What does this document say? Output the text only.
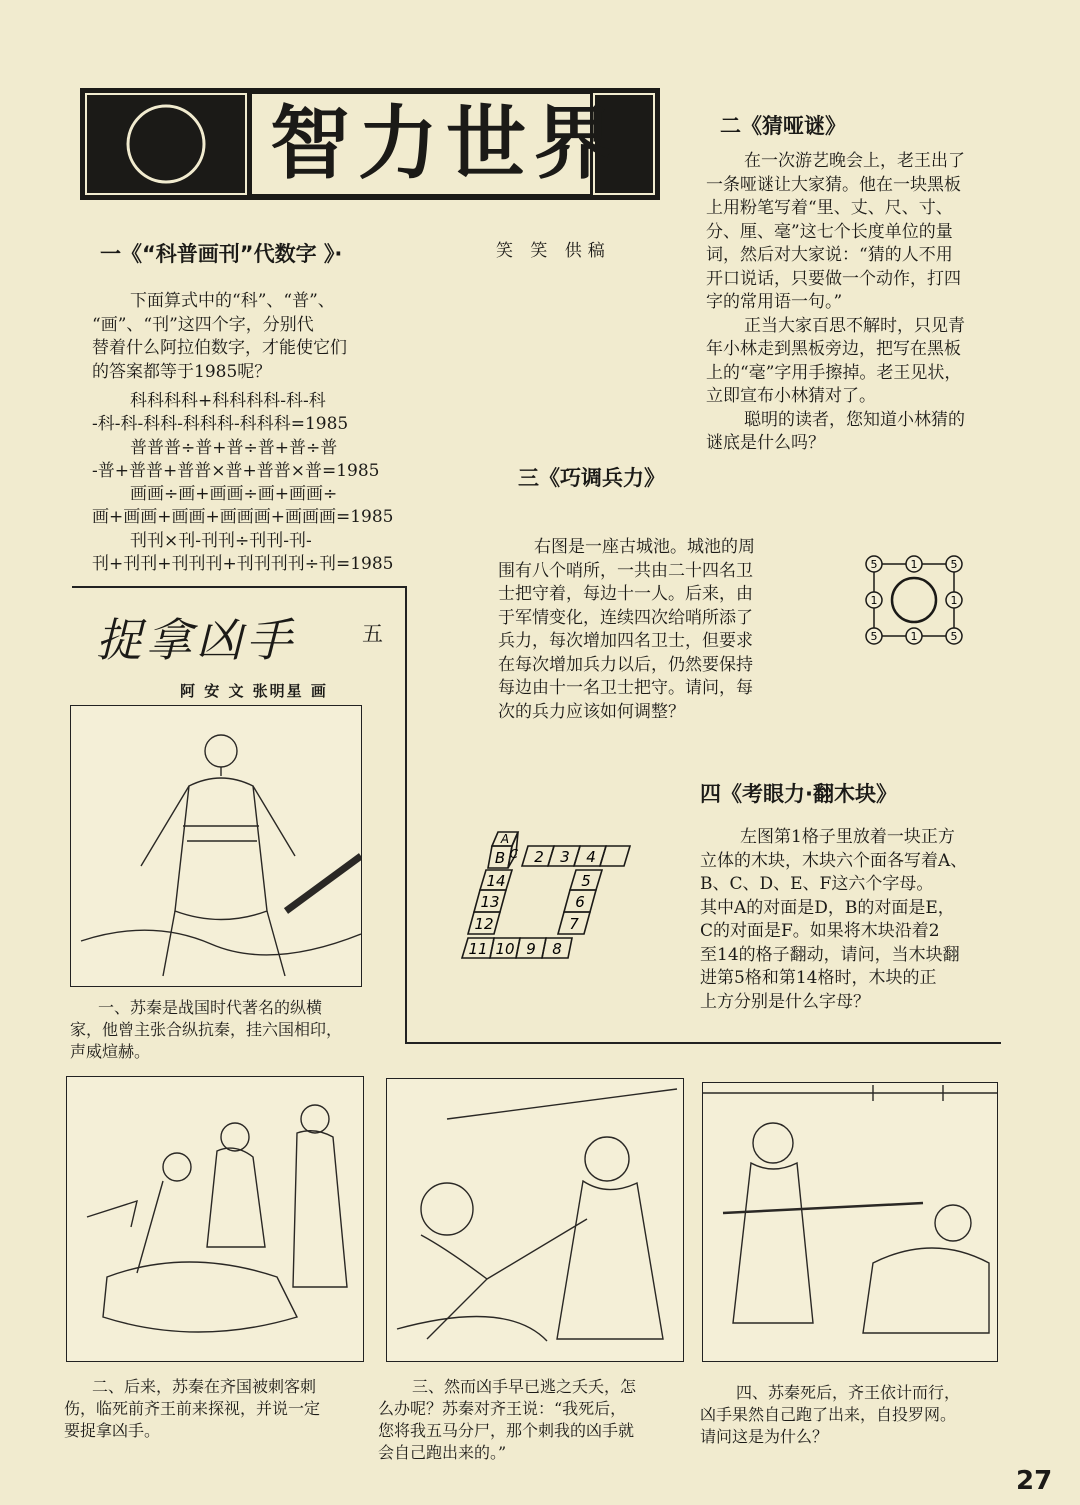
智力世界
一《“科普画刊”代数字 》·	笑 笑 供稿
下面算式中的“科”、“普”、
“画”、“刊”这四个字，分别代
替着什么阿拉伯数字，才能使它们
的答案都等于1985呢？
科科科科+科科科科-科-科
-科-科-科科-科科科-科科科=1985
普普普÷普+普÷普+普÷普
-普+普普+普普×普+普普×普=1985
画画÷画+画画÷画+画画÷
画+画画+画画+画画画+画画画=1985
刊刊×刊-刊刊÷刊刊-刊-
刊+刊刊+刊刊刊+刊刊刊刊÷刊=1985
二《猜哑谜》
在一次游艺晚会上，老王出了
一条哑谜让大家猜。他在一块黑板
上用粉笔写着“里、丈、尺、寸、
分、厘、毫”这七个长度单位的量
词，然后对大家说：“猜的人不用
开口说话，只要做一个动作，打四
字的常用语一句。”
正当大家百思不解时，只见青
年小林走到黑板旁边，把写在黑板
上的“毫”字用手擦掉。老王见状，
立即宣布小林猜对了。
聪明的读者，您知道小林猜的
谜底是什么吗？
三《巧调兵力》
右图是一座古城池。城池的周
围有八个哨所，一共由二十四名卫
士把守着，每边十一人。后来，由
于军情变化，连续四次给哨所添了
兵力，每次增加四名卫士，但要求
在每次增加兵力以后，仍然要保持
每边由十一名卫士把守。请问，每
次的兵力应该如何调整？
5	5
5	5
1
1
1	1
四《考眼力·翻木块》
左图第1格子里放着一块正方
立体的木块，木块六个面各写着A、
B、C、D、E、F这六个字母。
其中A的对面是D，B的对面是E，
C的对面是F。如果将木块沿着2
至14的格子翻动，请问，当木块翻
进第5格和第14格时，木块的正
上方分别是什么字母？
A
B C 2 3 4
14
13
12
5
6
7
11 10 9 8
捉拿凶手	五
阿 安 文 张明星 画
一、苏秦是战国时代著名的纵横
家，他曾主张合纵抗秦，挂六国相印，
声威煊赫。
二、后来，苏秦在齐国被刺客刺
伤，临死前齐王前来探视，并说一定
要捉拿凶手。
三、然而凶手早已逃之夭夭，怎
么办呢？苏秦对齐王说：“我死后，
您将我五马分尸，那个刺我的凶手就
会自己跑出来的。”
四、苏秦死后，齐王依计而行，
凶手果然自己跑了出来，自投罗网。
请问这是为什么？
27
